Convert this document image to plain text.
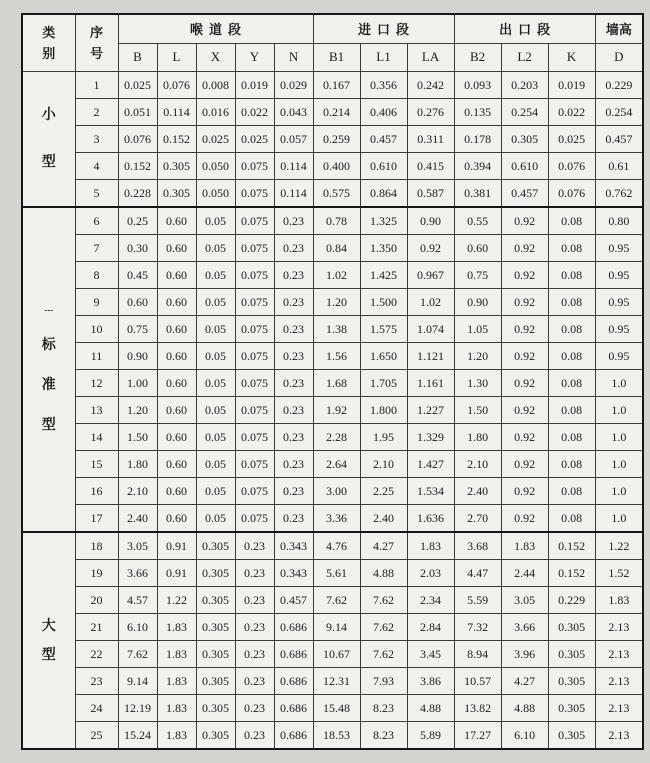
类
别

序
号
	喉道段	进口段	出口段	墙高
		B	L	X	Y	N	B1	L1	LA	B2	L2	K	D

小
型	1	0.025	0.076	0.008	0.019	0.029	0.167	0.356	0.242	0.093	0.203	0.019	0.229
	2	0.051	0.114	0.016	0.022	0.043	0.214	0.406	0.276	0.135	0.254	0.022	0.254
	3	0.076	0.152	0.025	0.025	0.057	0.259	0.457	0.311	0.178	0.305	0.025	0.457
	4	0.152	0.305	0.050	0.075	0.114	0.400	0.610	0.415	0.394	0.610	0.076	0.61
	5	0.228	0.305	0.050	0.075	0.114	0.575	0.864	0.587	0.381	0.457	0.076	0.762

---
标
准
型	6	0.25	0.60	0.05	0.075	0.23	0.78	1.325	0.90	0.55	0.92	0.08	0.80
	7	0.30	0.60	0.05	0.075	0.23	0.84	1.350	0.92	0.60	0.92	0.08	0.95
	8	0.45	0.60	0.05	0.075	0.23	1.02	1.425	0.967	0.75	0.92	0.08	0.95
	9	0.60	0.60	0.05	0.075	0.23	1.20	1.500	1.02	0.90	0.92	0.08	0.95
	10	0.75	0.60	0.05	0.075	0.23	1.38	1.575	1.074	1.05	0.92	0.08	0.95
	11	0.90	0.60	0.05	0.075	0.23	1.56	1.650	1.121	1.20	0.92	0.08	0.95
	12	1.00	0.60	0.05	0.075	0.23	1.68	1.705	1.161	1.30	0.92	0.08	1.0
	13	1.20	0.60	0.05	0.075	0.23	1.92	1.800	1.227	1.50	0.92	0.08	1.0
	14	1.50	0.60	0.05	0.075	0.23	2.28	1.95	1.329	1.80	0.92	0.08	1.0
	15	1.80	0.60	0.05	0.075	0.23	2.64	2.10	1.427	2.10	0.92	0.08	1.0
	16	2.10	0.60	0.05	0.075	0.23	3.00	2.25	1.534	2.40	0.92	0.08	1.0
	17	2.40	0.60	0.05	0.075	0.23	3.36	2.40	1.636	2.70	0.92	0.08	1.0

大
型	18	3.05	0.91	0.305	0.23	0.343	4.76	4.27	1.83	3.68	1.83	0.152	1.22
	19	3.66	0.91	0.305	0.23	0.343	5.61	4.88	2.03	4.47	2.44	0.152	1.52
	20	4.57	1.22	0.305	0.23	0.457	7.62	7.62	2.34	5.59	3.05	0.229	1.83
	21	6.10	1.83	0.305	0.23	0.686	9.14	7.62	2.84	7.32	3.66	0.305	2.13
	22	7.62	1.83	0.305	0.23	0.686	10.67	7.62	3.45	8.94	3.96	0.305	2.13
	23	9.14	1.83	0.305	0.23	0.686	12.31	7.93	3.86	10.57	4.27	0.305	2.13
	24	12.19	1.83	0.305	0.23	0.686	15.48	8.23	4.88	13.82	4.88	0.305	2.13
	25	15.24	1.83	0.305	0.23	0.686	18.53	8.23	5.89	17.27	6.10	0.305	2.13
